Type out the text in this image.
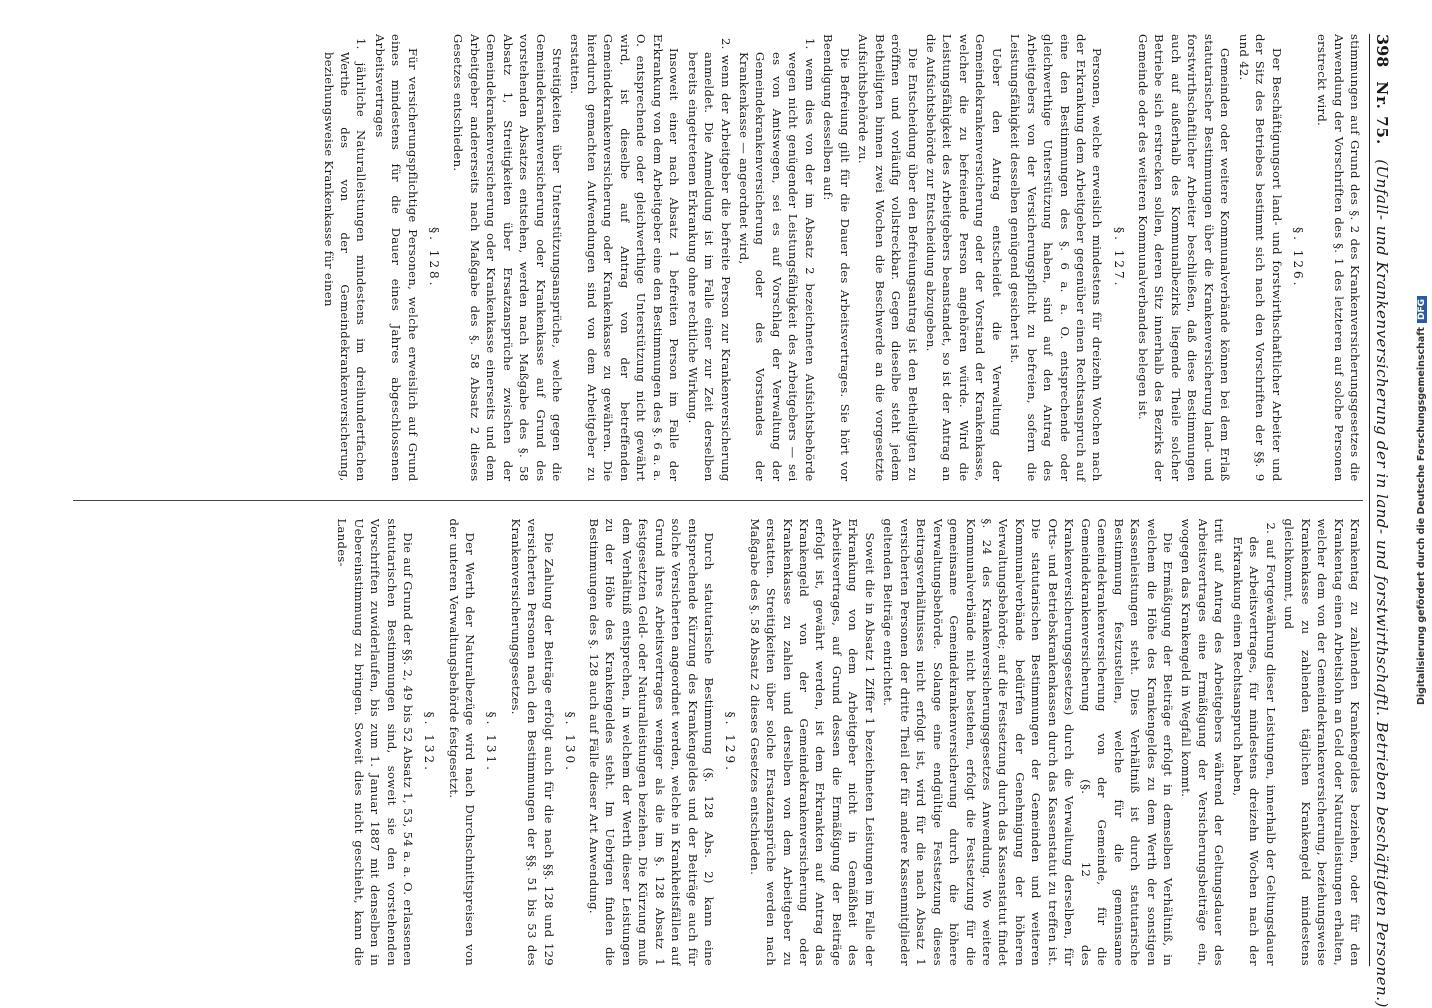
398
Nr. 75.
(Unfall- und Krankenversicherung der in land- und forstwirthschaftl. Betrieben beschäftigten Personen.)

stimmungen auf Grund des §. 2 des Krankenversicherungsgesetzes die Anwendung der Vorschriften des §. 1 des letzteren auf solche Personen erstreckt wird.

§. 126.

Der Beschäftigungsort land- und forstwirthschaftlicher Arbeiter und der Sitz des Betriebes bestimmt sich nach den Vorschriften der §§. 9 und 42.

Gemeinden oder weitere Kommunalverbände können bei dem Erlaß statutarischer Bestimmungen über die Krankenversicherung land- und forstwirthschaftlicher Arbeiter beschließen, daß diese Bestimmungen auch auf außerhalb des Kommunalbezirks liegende Theile solcher Betriebe sich erstrecken sollen, deren Sitz innerhalb des Bezirks der Gemeinde oder des weiteren Kommunalverbandes belegen ist.

§. 127.

Personen, welche erweislich mindestens für dreizehn Wochen nach der Erkrankung dem Arbeitgeber gegenüber einen Rechtsanspruch auf eine den Bestimmungen des §. 6 a. a. O. entsprechende oder gleichwerthige Unterstützung haben, sind auf den Antrag des Arbeitgebers von der Versicherungspflicht zu befreien, sofern die Leistungsfähigkeit desselben genügend gesichert ist.

Ueber den Antrag entscheidet die Verwaltung der Gemeindekrankenversicherung oder der Vorstand der Krankenkasse, welcher die zu befreiende Person angehören würde. Wird die Leistungsfähigkeit des Arbeitgebers beanstandet, so ist der Antrag an die Aufsichtsbehörde zur Entscheidung abzugeben.

Die Entscheidung über den Befreiungsantrag ist den Betheiligten zu eröffnen und vorläufig vollstreckbar. Gegen dieselbe steht jedem Betheiligten binnen zwei Wochen die Beschwerde an die vorgesetzte Aufsichtsbehörde zu.

Die Befreiung gilt für die Dauer des Arbeitsvertrages. Sie hört vor Beendigung desselben auf:

1. wenn dies von der im Absatz 2 bezeichneten Aufsichtsbehörde wegen nicht genügender Leistungsfähigkeit des Arbeitgebers — sei es von Amtswegen, sei es auf Vorschlag der Verwaltung der Gemeindekrankenversicherung oder des Vorstandes der Krankenkasse — angeordnet wird,

2. wenn der Arbeitgeber die befreite Person zur Krankenversicherung anmeldet. Die Anmeldung ist im Falle einer zur Zeit derselben bereits eingetretenen Erkrankung ohne rechtliche Wirkung.

Insoweit einer nach Absatz 1 befreiten Person im Falle der Erkrankung von dem Arbeitgeber eine den Bestimmungen des §. 6 a. a. O. entsprechende oder gleichwerthige Unterstützung nicht gewährt wird, ist dieselbe auf Antrag von der betreffenden Gemeindekrankenversicherung oder Krankenkasse zu gewähren. Die hierdurch gemachten Aufwendungen sind von dem Arbeitgeber zu erstatten.

Streitigkeiten über Unterstützungsansprüche, welche gegen die Gemeindekrankenversicherung oder Krankenkasse auf Grund des vorstehenden Absatzes entstehen, werden nach Maßgabe des §. 58 Absatz 1, Streitigkeiten über Ersatzansprüche zwischen der Gemeindekrankenversicherung oder Krankenkasse einerseits und dem Arbeitgeber andererseits nach Maßgabe des §. 58 Absatz 2 dieses Gesetzes entschieden.

§. 128.

Für versicherungspflichtige Personen, welche erweislich auf Grund eines mindestens für die Dauer eines Jahres abgeschlossenen Arbeitsvertrages

1. jährliche Naturalleistungen mindestens im dreihundertfachen Werthe des von der Gemeindekrankenversicherung, beziehungsweise Krankenkasse für einen

Krankentag zu zahlenden Krankengeldes beziehen, oder für den Krankentag einen Arbeitslohn an Geld oder Naturalleistungen erhalten, welcher dem von der Gemeindekrankenversicherung, beziehungsweise Krankenkasse zu zahlenden täglichen Krankengeld mindestens gleichkommt, und

2. auf Fortgewährung dieser Leistungen, innerhalb der Geltungsdauer des Arbeitsvertrages, für mindestens dreizehn Wochen nach der Erkrankung einen Rechtsanspruch haben,

tritt auf Antrag des Arbeitgebers während der Geltungsdauer des Arbeitsvertrages eine Ermäßigung der Versicherungsbeiträge ein, wogegen das Krankengeld in Wegfall kommt.

Die Ermäßigung der Beiträge erfolgt in demselben Verhältniß, in welchem die Höhe des Krankengeldes zu dem Werth der sonstigen Kassenleistungen steht. Dies Verhältniß ist durch statutarische Bestimmung festzustellen, welche für die gemeinsame Gemeindekrankenversicherung von der Gemeinde, für die Gemeindekrankenversicherung (§. 12 des Krankenversicherungsgesetzes) durch die Verwaltung derselben, für Orts- und Betriebskrankenkassen durch das Kassenstatut zu treffen ist. Die statutarischen Bestimmungen der Gemeinden und weiteren Kommunalverbände bedürfen der Genehmigung der höheren Verwaltungsbehörde; auf die Festsetzung durch das Kassenstatut findet §. 24 des Krankenversicherungsgesetzes Anwendung. Wo weitere Kommunalverbände nicht bestehen, erfolgt die Festsetzung für die gemeinsame Gemeindekrankenversicherung durch die höhere Verwaltungsbehörde. Solange eine endgültige Festsetzung dieses Beitragsverhältnisses nicht erfolgt ist, wird für die nach Absatz 1 versicherten Personen der dritte Theil der für andere Kassenmitglieder geltenden Beiträge entrichtet.

Soweit die in Absatz 1 Ziffer 1 bezeichneten Leistungen im Falle der Erkrankung von dem Arbeitgeber nicht in Gemäßheit des Arbeitsvertrages, auf Grund dessen die Ermäßigung der Beiträge erfolgt ist, gewährt werden, ist dem Erkrankten auf Antrag das Krankengeld von der Gemeindekrankenversicherung oder Krankenkasse zu zahlen und derselben von dem Arbeitgeber zu erstatten. Streitigkeiten über solche Ersatzansprüche werden nach Maßgabe des §. 58 Absatz 2 dieses Gesetzes entschieden.

§. 129.

Durch statutarische Bestimmung (§. 128 Abs. 2) kann eine entsprechende Kürzung des Krankengeldes und der Beiträge auch für solche Versicherten angeordnet werden, welche in Krankheitsfällen auf Grund ihres Arbeitsvertrages weniger als die im §. 128 Absatz 1 festgesetzten Geld- oder Naturalleistungen beziehen. Die Kürzung muß dem Verhältniß entsprechen, in welchem der Werth dieser Leistungen zu der Höhe des Krankengeldes steht. Im Uebrigen finden die Bestimmungen des §. 128 auch auf Fälle dieser Art Anwendung.

§. 130.

Die Zahlung der Beiträge erfolgt auch für die nach §§. 128 und 129 versicherten Personen nach den Bestimmungen der §§. 51 bis 53 des Krankenversicherungsgesetzes.

§. 131.

Der Werth der Naturalbezüge wird nach Durchschnittspreisen von der unteren Verwaltungsbehörde festgesetzt.

§. 132.

Die auf Grund der §§. 2, 49 bis 52 Absatz 1, 53, 54 a. a. O. erlassenen statutarischen Bestimmungen sind, soweit sie den vorstehenden Vorschriften zuwiderlaufen, bis zum 1. Januar 1887 mit denselben in Uebereinstimmung zu bringen. Soweit dies nicht geschieht, kann die Landes-	Digitalisierung gefördert durch die Deutsche Forschungsgemeinschaft
DFG
